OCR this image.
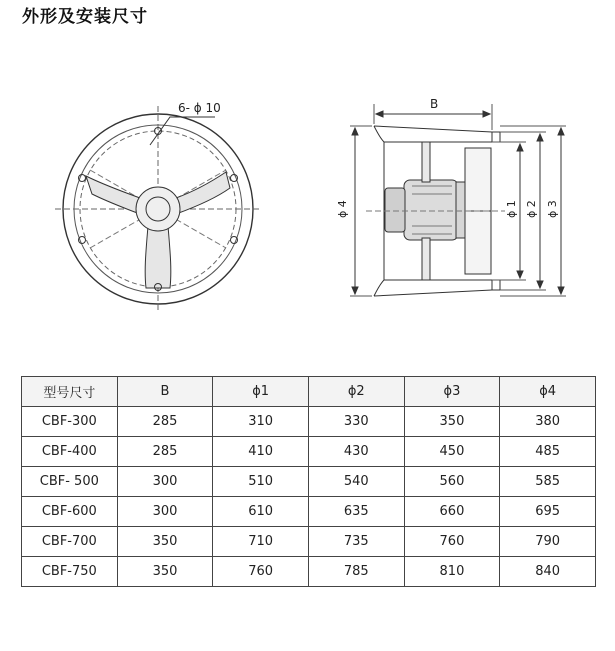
外形及安装尺寸
6- ϕ 10	B
ϕ 4	ϕ 1 ϕ 2 ϕ 3
型号尺寸	B	ϕ1	ϕ2	ϕ3	ϕ4
CBF-300	285	310	330	350	380
CBF-400	285	410	430	450	485
CBF- 500	300	510	540	560	585
CBF-600	300	610	635	660	695
CBF-700	350	710	735	760	790
CBF-750	350	760	785	810	840
